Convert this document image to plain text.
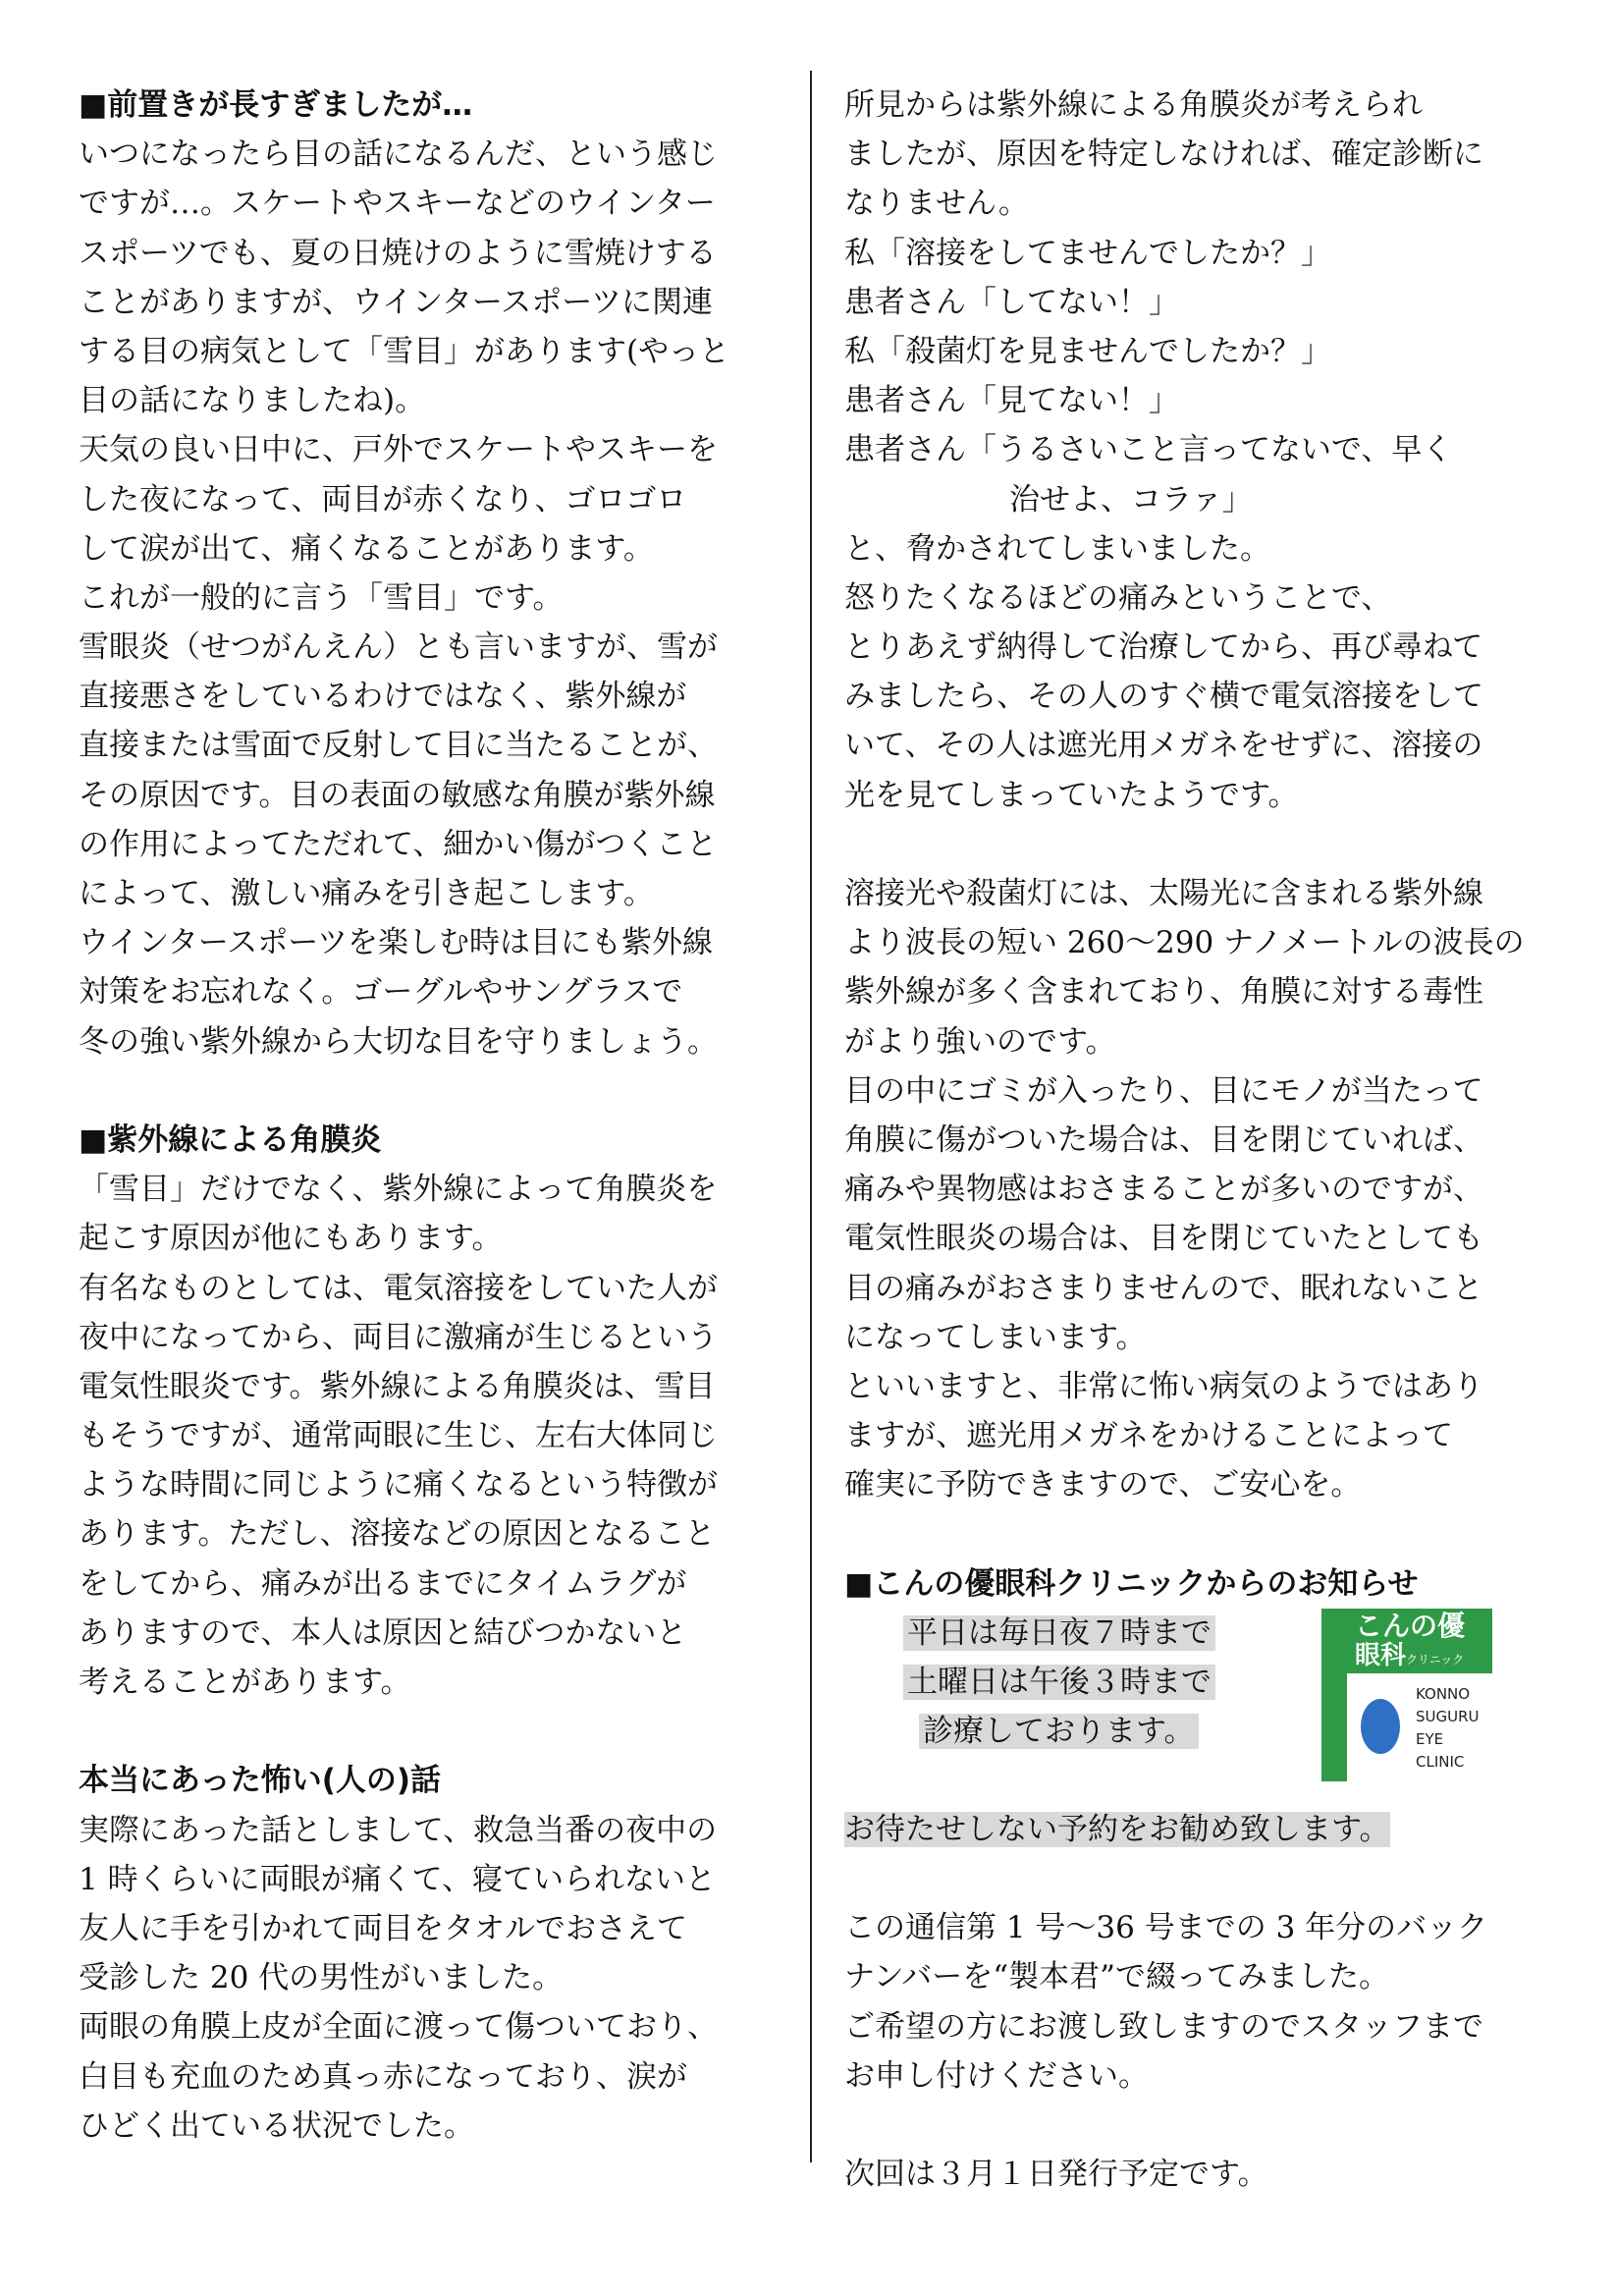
■前置きが長すぎましたが…
いつになったら目の話になるんだ、という感じ
ですが…。スケートやスキーなどのウインター
スポーツでも、夏の日焼けのように雪焼けする
ことがありますが、ウインタースポーツに関連
する目の病気として「雪目」があります(やっと
目の話になりましたね)。
天気の良い日中に、戸外でスケートやスキーを
した夜になって、両目が赤くなり、ゴロゴロ
して涙が出て、痛くなることがあります。
これが一般的に言う「雪目」です。
雪眼炎（せつがんえん）とも言いますが、雪が
直接悪さをしているわけではなく、紫外線が
直接または雪面で反射して目に当たることが、
その原因です。目の表面の敏感な角膜が紫外線
の作用によってただれて、細かい傷がつくこと
によって、激しい痛みを引き起こします。
ウインタースポーツを楽しむ時は目にも紫外線
対策をお忘れなく。ゴーグルやサングラスで
冬の強い紫外線から大切な目を守りましょう。
■紫外線による角膜炎
「雪目」だけでなく、紫外線によって角膜炎を
起こす原因が他にもあります。
有名なものとしては、電気溶接をしていた人が
夜中になってから、両目に激痛が生じるという
電気性眼炎です。紫外線による角膜炎は、雪目
もそうですが、通常両眼に生じ、左右大体同じ
ような時間に同じように痛くなるという特徴が
あります。ただし、溶接などの原因となること
をしてから、痛みが出るまでにタイムラグが
ありますので、本人は原因と結びつかないと
考えることがあります。
本当にあった怖い(人の)話
実際にあった話としまして、救急当番の夜中の
1 時くらいに両眼が痛くて、寝ていられないと
友人に手を引かれて両目をタオルでおさえて
受診した 20 代の男性がいました。
両眼の角膜上皮が全面に渡って傷ついており、
白目も充血のため真っ赤になっており、涙が
ひどく出ている状況でした。
所見からは紫外線による角膜炎が考えられ
ましたが、原因を特定しなければ、確定診断に
なりません。
私「溶接をしてませんでしたか？」
患者さん「してない！」
私「殺菌灯を見ませんでしたか？」
患者さん「見てない！」
患者さん「うるさいこと言ってないで、早く
治せよ、コラァ」
と、脅かされてしまいました。
怒りたくなるほどの痛みということで、
とりあえず納得して治療してから、再び尋ねて
みましたら、その人のすぐ横で電気溶接をして
いて、その人は遮光用メガネをせずに、溶接の
光を見てしまっていたようです。
溶接光や殺菌灯には、太陽光に含まれる紫外線
より波長の短い 260～290 ナノメートルの波長の
紫外線が多く含まれており、角膜に対する毒性
がより強いのです。
目の中にゴミが入ったり、目にモノが当たって
角膜に傷がついた場合は、目を閉じていれば、
痛みや異物感はおさまることが多いのですが、
電気性眼炎の場合は、目を閉じていたとしても
目の痛みがおさまりませんので、眠れないこと
になってしまいます。
といいますと、非常に怖い病気のようではあり
ますが、遮光用メガネをかけることによって
確実に予防できますので、ご安心を。
■こんの優眼科クリニックからのお知らせ
平日は毎日夜７時まで
土曜日は午後３時まで
診療しております。
こんの優
眼科クリニック
KONNO
SUGURU
EYE
CLINIC
お待たせしない予約をお勧め致します。
この通信第 1 号～36 号までの 3 年分のバック
ナンバーを“製本君”で綴ってみました。
ご希望の方にお渡し致しますのでスタッフまで
お申し付けください。
次回は３月１日発行予定です。
